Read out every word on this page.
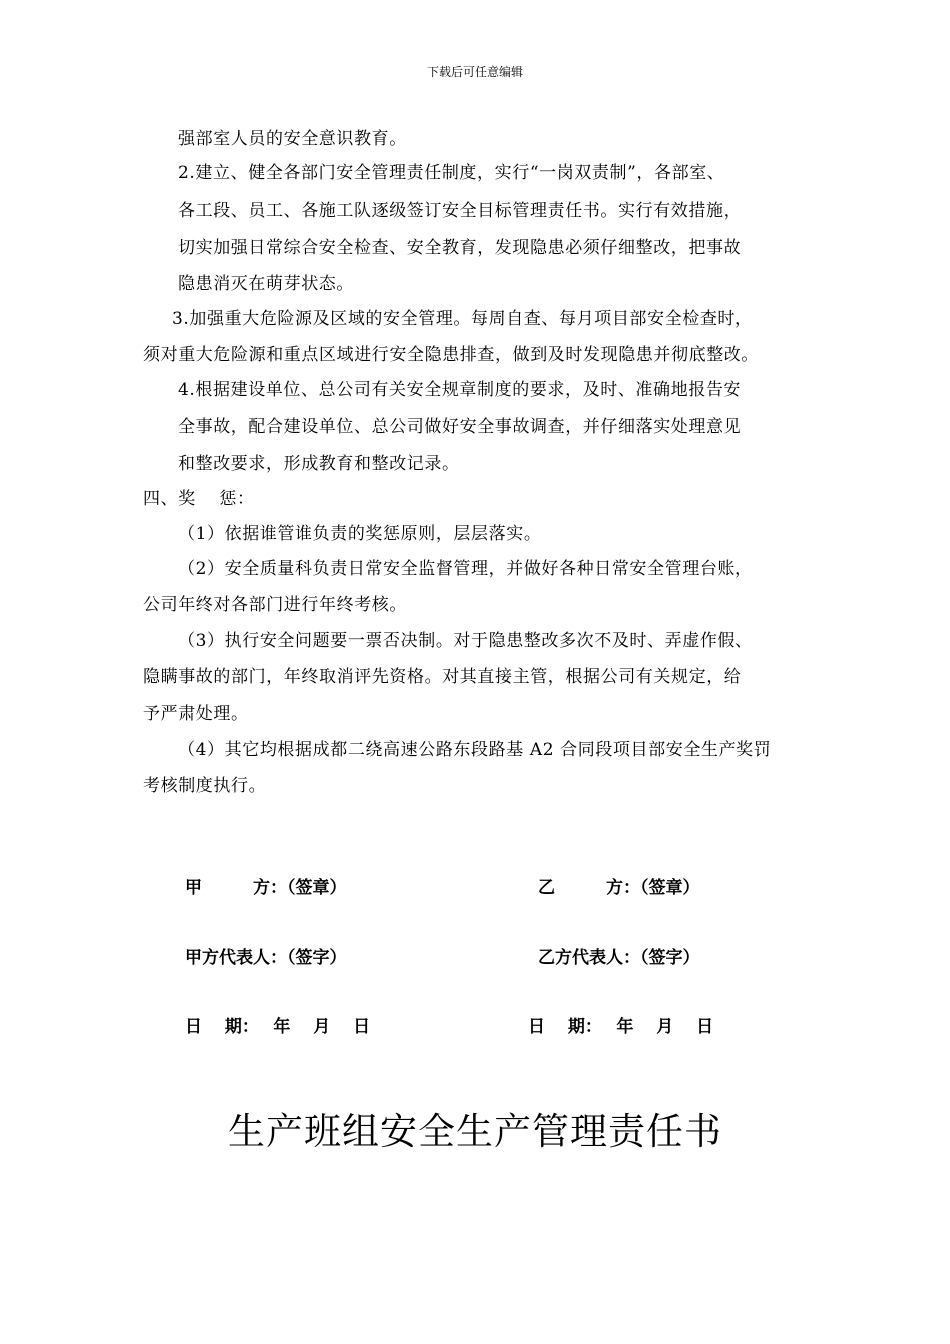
下载后可任意编辑
强部室人员的安全意识教育。
2.建立、健全各部门安全管理责任制度，实行“一岗双责制”，各部室、
各工段、员工、各施工队逐级签订安全目标管理责任书。实行有效措施，
切实加强日常综合安全检查、安全教育，发现隐患必须仔细整改，把事故
隐患消灭在萌芽状态。
3.加强重大危险源及区域的安全管理。每周自查、每月项目部安全检查时，
须对重大危险源和重点区域进行安全隐患排查，做到及时发现隐患并彻底整改。
4.根据建设单位、总公司有关安全规章制度的要求，及时、准确地报告安
全事故，配合建设单位、总公司做好安全事故调查，并仔细落实处理意见
和整改要求，形成教育和整改记录。
四、奖　 惩：
（1）依据谁管谁负责的奖惩原则，层层落实。
（2）安全质量科负责日常安全监督管理，并做好各种日常安全管理台账，
公司年终对各部门进行年终考核。
（3）执行安全问题要一票否决制。对于隐患整改多次不及时、弄虚作假、
隐瞒事故的部门，年终取消评先资格。对其直接主管，根据公司有关规定，给
予严肃处理。
（4）其它均根据成都二绕高速公路东段路基 A2 合同段项目部安全生产奖罚
考核制度执行。
甲　　　方：（签章）	乙　　　方：（签章）
甲方代表人：（签字）	乙方代表人：（签字）
日　 期：　 年　 月　 日	日　 期：　 年　 月　 日
生产班组安全生产管理责任书
